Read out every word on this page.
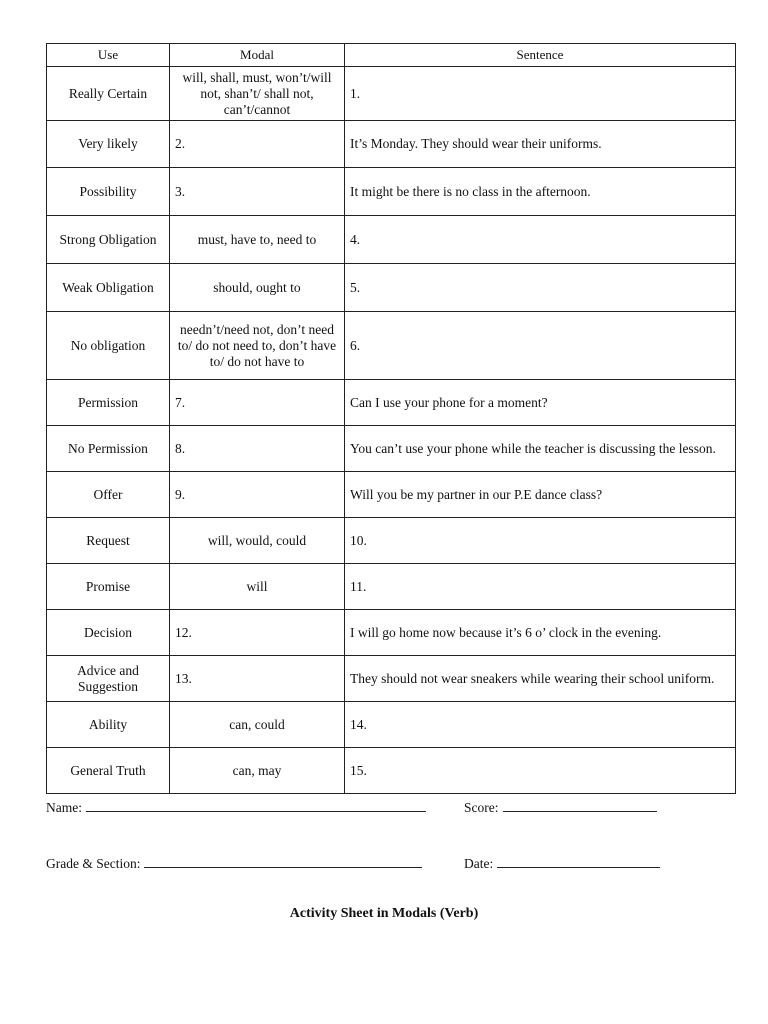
Use	Modal	Sentence
Really Certain	will, shall, must, won’t/will not, shan’t/ shall not, can’t/cannot	1.
Very likely	2.	It’s Monday. They should wear their uniforms.
Possibility	3.	It might be there is no class in the afternoon.
Strong Obligation	must, have to, need to	4.
Weak Obligation	should, ought to	5.
No obligation	needn’t/need not, don’t need to/ do not need to, don’t have to/ do not have to	6.
Permission	7.	Can I use your phone for a moment?
No Permission	8.	You can’t use your phone while the teacher is discussing the lesson.
Offer	9.	Will you be my partner in our P.E dance class?
Request	will, would, could	10.
Promise	will	11.
Decision	12.	I will go home now because it’s 6 o’ clock in the evening.
Advice and Suggestion	13.	They should not wear sneakers while wearing their school uniform.
Ability	can, could	14.
General Truth	can, may	15.
Name:	Score:
Grade & Section:	Date:
Activity Sheet in Modals (Verb)
